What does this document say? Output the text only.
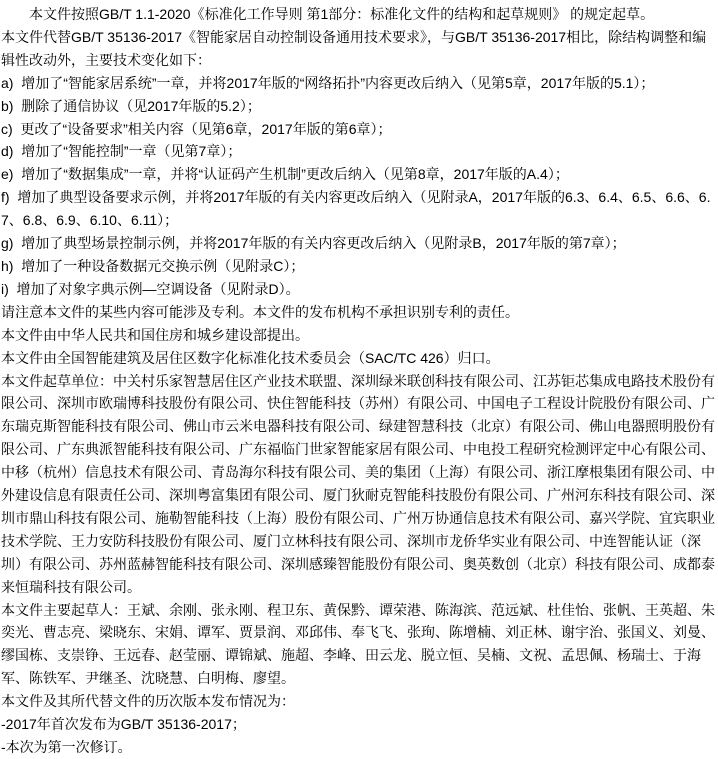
本文件按照GB/T 1.1-2020《标准化工作导则 第1部分：标准化文件的结构和起草规则》 的规定起草。

本文件代替GB/T 35136-2017《智能家居自动控制设备通用技术要求》，与GB/T 35136-2017相比，除结构调整和编辑性改动外，主要技术变化如下：

a)  增加了“智能家居系统”一章，并将2017年版的“网络拓扑”内容更改后纳入（见第5章，2017年版的5.1）；

b)  删除了通信协议（见2017年版的5.2）；

c)  更改了“设备要求”相关内容（见第6章，2017年版的第6章）；

d)  增加了“智能控制”一章（见第7章）；

e)  增加了“数据集成”一章，并将“认证码产生机制”更改后纳入（见第8章，2017年版的A.4）；

f)  增加了典型设备要求示例，并将2017年版的有关内容更改后纳入（见附录A，2017年版的6.3、6.4、6.5、6.6、6.7、6.8、6.9、6.10、6.11）；

g)  增加了典型场景控制示例，并将2017年版的有关内容更改后纳入（见附录B，2017年版的第7章）；

h)  增加了一种设备数据元交换示例（见附录C）；

i)  增加了对象字典示例—空调设备（见附录D）。

请注意本文件的某些内容可能涉及专利。本文件的发布机构不承担识别专利的责任。

本文件由中华人民共和国住房和城乡建设部提出。

本文件由全国智能建筑及居住区数字化标准化技术委员会（SAC/TC 426）归口。

本文件起草单位：中关村乐家智慧居住区产业技术联盟、深圳绿米联创科技有限公司、江苏钜芯集成电路技术股份有限公司、深圳市欧瑞博科技股份有限公司、快住智能科技（苏州）有限公司、中国电子工程设计院股份有限公司、广东瑞克斯智能科技有限公司、佛山市云米电器科技有限公司、绿建智慧科技（北京）有限公司、佛山电器照明股份有限公司、广东典派智能科技有限公司、广东福临门世家智能家居有限公司、中电投工程研究检测评定中心有限公司、中移（杭州）信息技术有限公司、青岛海尔科技有限公司、美的集团（上海）有限公司、浙江摩根集团有限公司、中外建设信息有限责任公司、深圳粤富集团有限公司、厦门狄耐克智能科技股份有限公司、广州河东科技有限公司、深圳市鼎山科技有限公司、施勒智能科技（上海）股份有限公司、广州万协通信息技术有限公司、嘉兴学院、宜宾职业技术学院、王力安防科技股份有限公司、厦门立林科技有限公司、深圳市龙侨华实业有限公司、中连智能认证（深圳）有限公司、苏州蓝赫智能科技有限公司、深圳感臻智能股份有限公司、奥英数创（北京）科技有限公司、成都泰来恒瑞科技有限公司。

本文件主要起草人：王斌、余刚、张永刚、程卫东、黄保黔、谭荣港、陈海滨、范远斌、杜佳怡、张帆、王英超、朱奕光、曹志亮、梁晓东、宋娟、谭军、贾景润、邓邱伟、奉飞飞、张珣、陈增楠、刘正林、谢宇治、张国义、刘曼、缪国栋、支崇铮、王远春、赵莹丽、谭锦斌、施超、李峰、田云龙、脱立恒、吴楠、文祝、孟思佩、杨瑞士、于海军、陈铁军、尹继圣、沈晓慧、白明梅、廖望。

本文件及其所代替文件的历次版本发布情况为：

-2017年首次发布为GB/T 35136-2017；

-本次为第一次修订。
